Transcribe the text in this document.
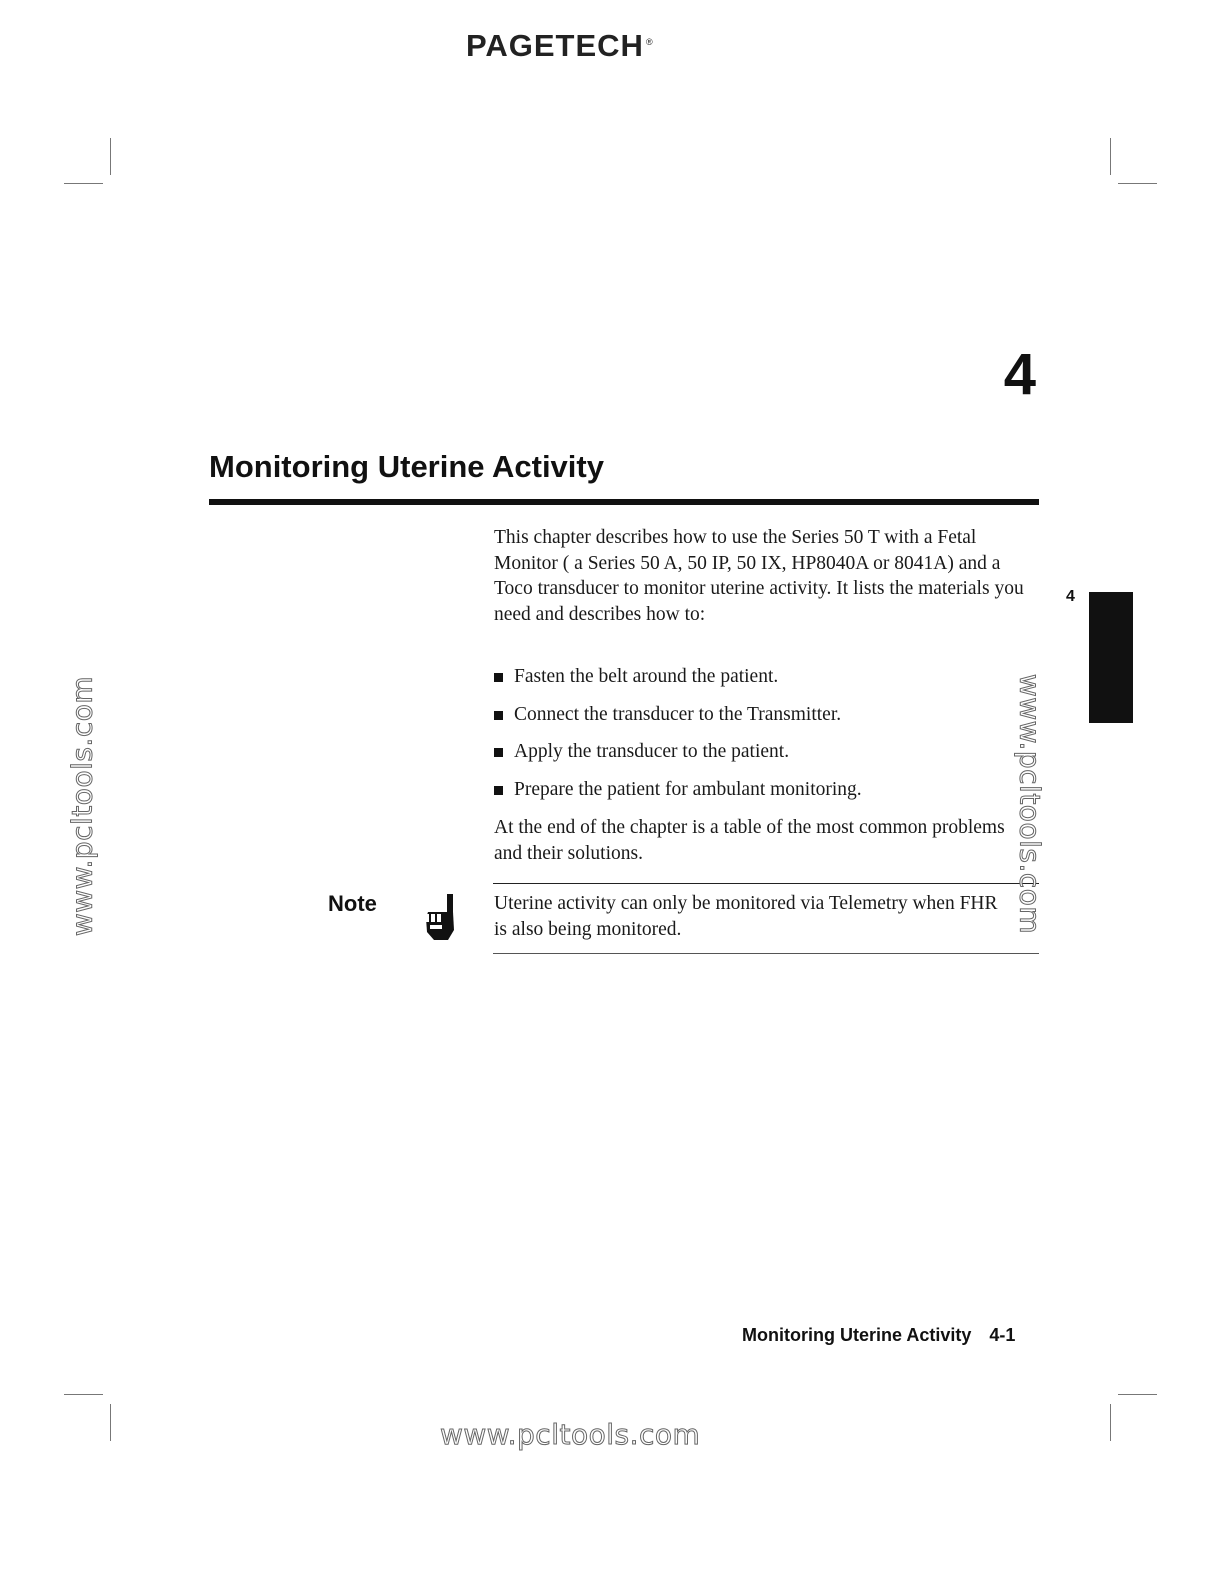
PAGETECH ®
4
Monitoring Uterine Activity
This chapter describes how to use the Series 50 T with a Fetal Monitor ( a Series 50 A, 50 IP, 50 IX, HP8040A or 8041A) and a Toco transducer to monitor uterine activity. It lists the materials you need and describes how to:
Fasten the belt around the patient.
Connect the transducer to the Transmitter.
Apply the transducer to the patient.
Prepare the patient for ambulant monitoring.
At the end of the chapter is a table of the most common problems and their solutions.
Note	Uterine activity can only be monitored via Telemetry when FHR is also being monitored.
4
www.pcltools.com	www.pcltools.com
www.pcltools.com
Monitoring Uterine Activity 4-1
